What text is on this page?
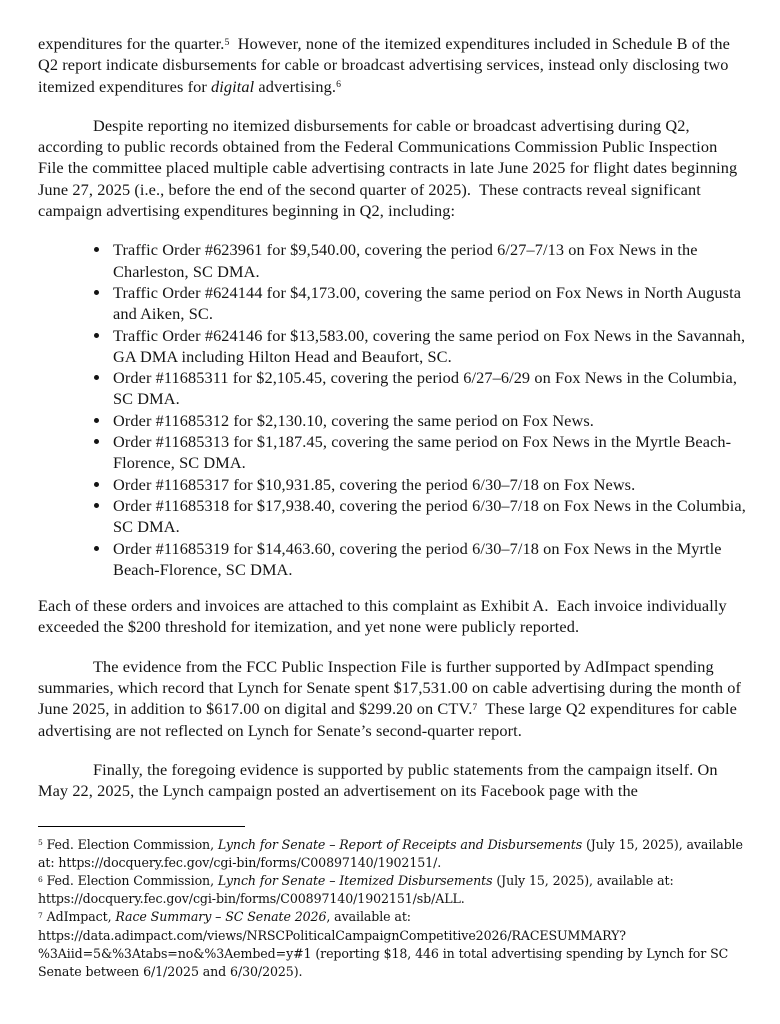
expenditures for the quarter.$^5$  However, none of the itemized expenditures included in Schedule B of the Q2 report indicate disbursements for cable or broadcast advertising services, instead only disclosing two itemized expenditures for digital advertising.$^6$

Despite reporting no itemized disbursements for cable or broadcast advertising during Q2, according to public records obtained from the Federal Communications Commission Public Inspection File the committee placed multiple cable advertising contracts in late June 2025 for flight dates beginning June 27, 2025 (i.e., before the end of the second quarter of 2025).  These contracts reveal significant campaign advertising expenditures beginning in Q2, including:

• Traffic Order #623961 for $9,540.00, covering the period 6/27–7/13 on Fox News in the Charleston, SC DMA.
• Traffic Order #624144 for $4,173.00, covering the same period on Fox News in North Augusta and Aiken, SC.
• Traffic Order #624146 for $13,583.00, covering the same period on Fox News in the Savannah, GA DMA including Hilton Head and Beaufort, SC.
• Order #11685311 for $2,105.45, covering the period 6/27–6/29 on Fox News in the Columbia, SC DMA.
• Order #11685312 for $2,130.10, covering the same period on Fox News.
• Order #11685313 for $1,187.45, covering the same period on Fox News in the Myrtle Beach-Florence, SC DMA.
• Order #11685317 for $10,931.85, covering the period 6/30–7/18 on Fox News.
• Order #11685318 for $17,938.40, covering the period 6/30–7/18 on Fox News in the Columbia, SC DMA.
• Order #11685319 for $14,463.60, covering the period 6/30–7/18 on Fox News in the Myrtle Beach-Florence, SC DMA.

Each of these orders and invoices are attached to this complaint as Exhibit A.  Each invoice individually exceeded the $200 threshold for itemization, and yet none were publicly reported.

The evidence from the FCC Public Inspection File is further supported by AdImpact spending summaries, which record that Lynch for Senate spent $17,531.00 on cable advertising during the month of June 2025, in addition to $617.00 on digital and $299.20 on CTV.$^7$  These large Q2 expenditures for cable advertising are not reflected on Lynch for Senate’s second-quarter report.

Finally, the foregoing evidence is supported by public statements from the campaign itself. On May 22, 2025, the Lynch campaign posted an advertisement on its Facebook page with the

$^5$ Fed. Election Commission, Lynch for Senate – Report of Receipts and Disbursements (July 15, 2025), available at: https://docquery.fec.gov/cgi-bin/forms/C00897140/1902151/.

$^6$ Fed. Election Commission, Lynch for Senate – Itemized Disbursements (July 15, 2025), available at: https://docquery.fec.gov/cgi-bin/forms/C00897140/1902151/sb/ALL.

$^7$ AdImpact, Race Summary – SC Senate 2026, available at: https://data.adimpact.com/views/NRSCPoliticalCampaignCompetitive2026/RACESUMMARY?%3Aiid=5&%3Atabs=no&%3Aembed=y#1 (reporting $18, 446 in total advertising spending by Lynch for SC Senate between 6/1/2025 and 6/30/2025).
